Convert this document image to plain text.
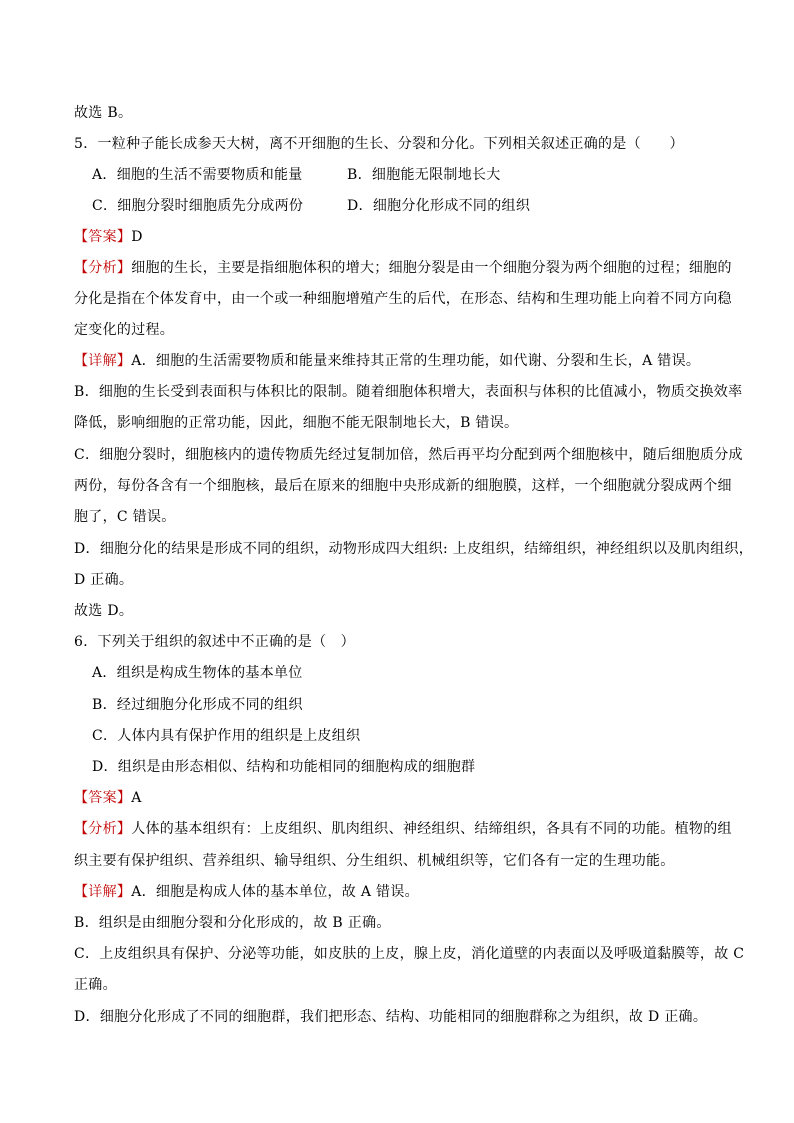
故选 B。
5．一粒种子能长成参天大树，离不开细胞的生长、分裂和分化。下列相关叙述正确的是（　　）
A．细胞的生活不需要物质和能量	B．细胞能无限制地长大
C．细胞分裂时细胞质先分成两份	D．细胞分化形成不同的组织
【答案】D
【分析】细胞的生长，主要是指细胞体积的增大；细胞分裂是由一个细胞分裂为两个细胞的过程；细胞的
分化是指在个体发育中，由一个或一种细胞增殖产生的后代，在形态、结构和生理功能上向着不同方向稳
定变化的过程。
【详解】A．细胞的生活需要物质和能量来维持其正常的生理功能，如代谢、分裂和生长，A 错误。
B．细胞的生长受到表面积与体积比的限制。随着细胞体积增大，表面积与体积的比值减小，物质交换效率
降低，影响细胞的正常功能，因此，细胞不能无限制地长大，B 错误。
C．细胞分裂时，细胞核内的遗传物质先经过复制加倍，然后再平均分配到两个细胞核中，随后细胞质分成
两份，每份各含有一个细胞核，最后在原来的细胞中央形成新的细胞膜，这样，一个细胞就分裂成两个细
胞了，C 错误。
D．细胞分化的结果是形成不同的组织，动物形成四大组织: 上皮组织，结缔组织，神经组织以及肌肉组织，
D 正确。
故选 D。
6．下列关于组织的叙述中不正确的是（　）
A．组织是构成生物体的基本单位
B．经过细胞分化形成不同的组织
C．人体内具有保护作用的组织是上皮组织
D．组织是由形态相似、结构和功能相同的细胞构成的细胞群
【答案】A
【分析】人体的基本组织有：上皮组织、肌肉组织、神经组织、结缔组织，各具有不同的功能。植物的组
织主要有保护组织、营养组织、输导组织、分生组织、机械组织等，它们各有一定的生理功能。
【详解】A．细胞是构成人体的基本单位，故 A 错误。
B．组织是由细胞分裂和分化形成的，故 B 正确。
C．上皮组织具有保护、分泌等功能，如皮肤的上皮，腺上皮，消化道壁的内表面以及呼吸道黏膜等，故 C
正确。
D．细胞分化形成了不同的细胞群，我们把形态、结构、功能相同的细胞群称之为组织，故 D 正确。
